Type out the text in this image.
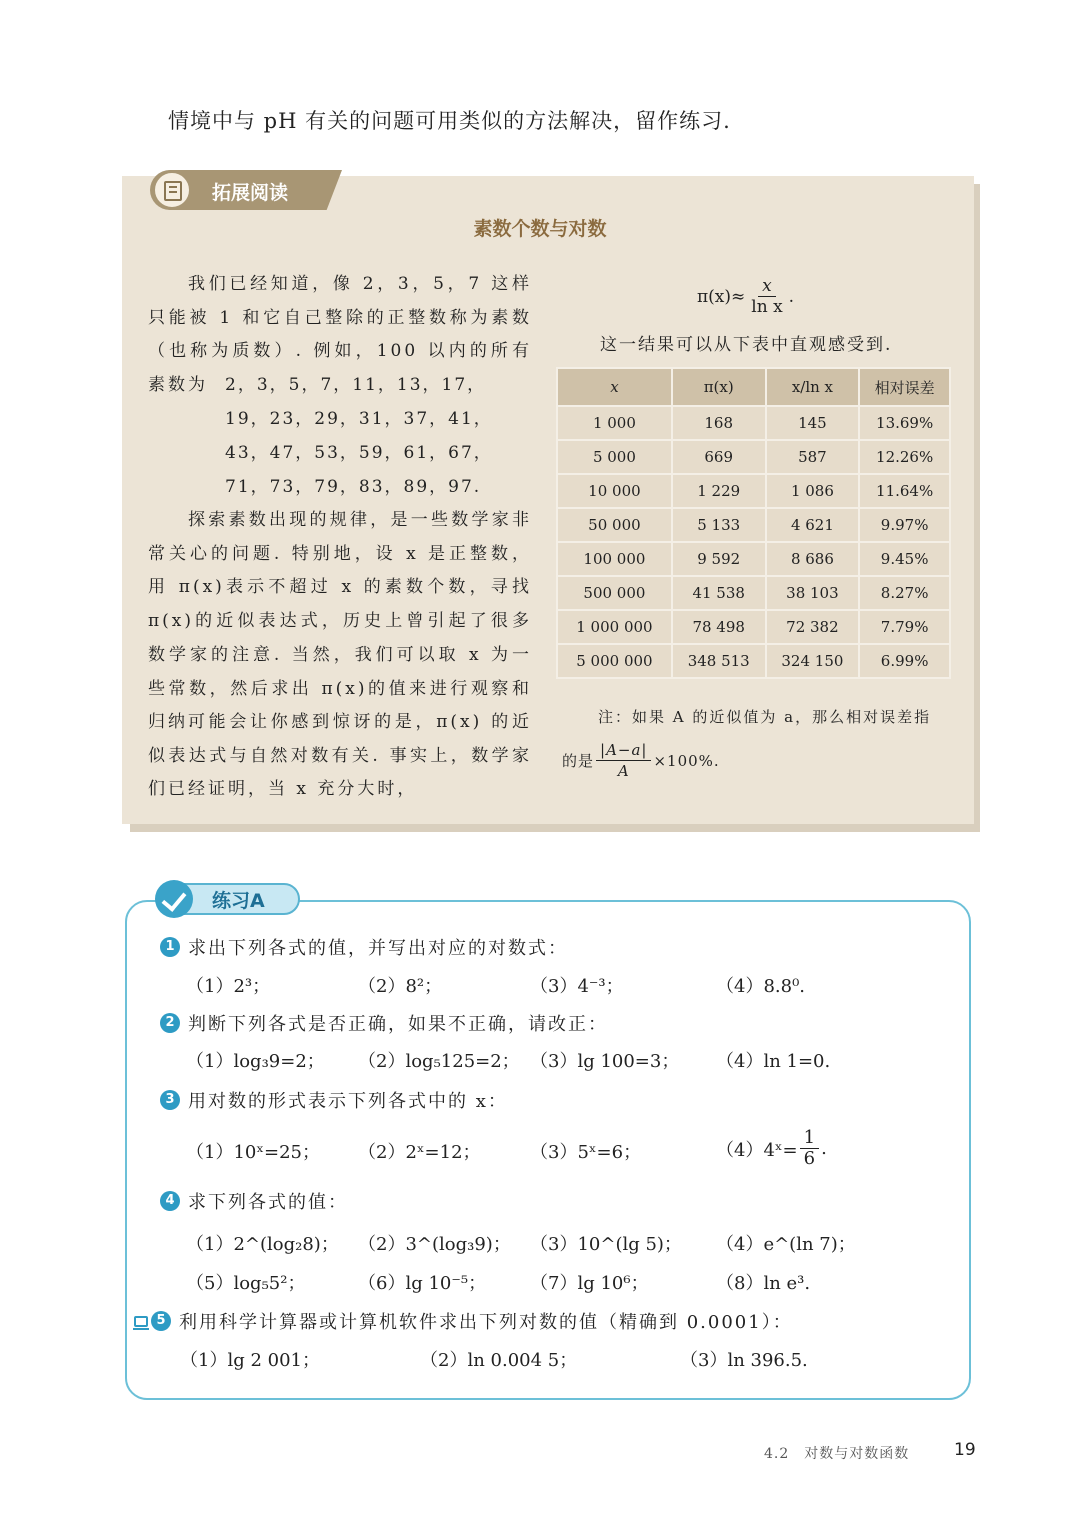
情境中与 pH 有关的问题可用类似的方法解决，留作练习.
拓展阅读
素数个数与对数
我们已经知道，像 2，3，5，7 这样只能被 1 和它自己整除的正整数称为素数（也称为质数）. 例如，100 以内的所有素数为	2，3，5，7，11，13，17，
19，23，29，31，37，41，
43，47，53，59，61，67，
71，73，79，83，89，97.
探索素数出现的规律，是一些数学家非常关心的问题. 特别地，设 x 是正整数，用 π(x)表示不超过 x 的素数个数，寻找π(x)的近似表达式，历史上曾引起了很多数学家的注意. 当然，我们可以取 x 为一些常数，然后求出 π(x)的值来进行观察和归纳.
可能会让你感到惊讶的是，π(x) 的近似表达式与自然对数有关. 事实上，数学家们已经证明，当 x 充分大时，
$\pi(x)\approx \frac{x}{\text{ln x}}$ .
这一结果可以从下表中直观感受到.
x	π(x)	x/ln x	相对误差
1 000	168	145	13.69%
5 000	669	587	12.26%
10 000	1 229	1 086	11.64%
50 000	5 133	4 621	9.97%
100 000	9 592	8 686	9.45%
500 000	41 538	38 103	8.27%
1 000 000	78 498	72 382	7.79%
5 000 000	348 513	324 150	6.99%
注：如果 A 的近似值为 a，那么相对误差指
的是 $\frac{|A-a|}{A} \times 100\%$.
练习A
1 求出下列各式的值，并写出对应的对数式：
（1）2³；	（2）8²；	（3）4⁻³；	（4）8.8⁰.
2 判断下列各式是否正确，如果不正确，请改正：
（1）log₃9=2； （2）log₅125=2； （3）lg 100=3； （4）ln 1=0.
3 用对数的形式表示下列各式中的 x：
（1）10ˣ=25； （2）2ˣ=12；	（3）5ˣ=6；	（4）4ˣ= $\frac{1}{6}$ .
4 求下列各式的值：
（1）2^(log₂8)； （2）3^(log₃9)； （3）10^(lg 5)； （4）e^(ln 7)；
（5）log₅5²；	（6）lg 10⁻⁵； （7）lg 10⁶；	（8）ln e³.
5 利用科学计算器或计算机软件求出下列对数的值（精确到 0.0001）：
（1）lg 2 001；	（2）ln 0.004 5；	（3）ln 396.5.
4.2　对数与对数函数	19
